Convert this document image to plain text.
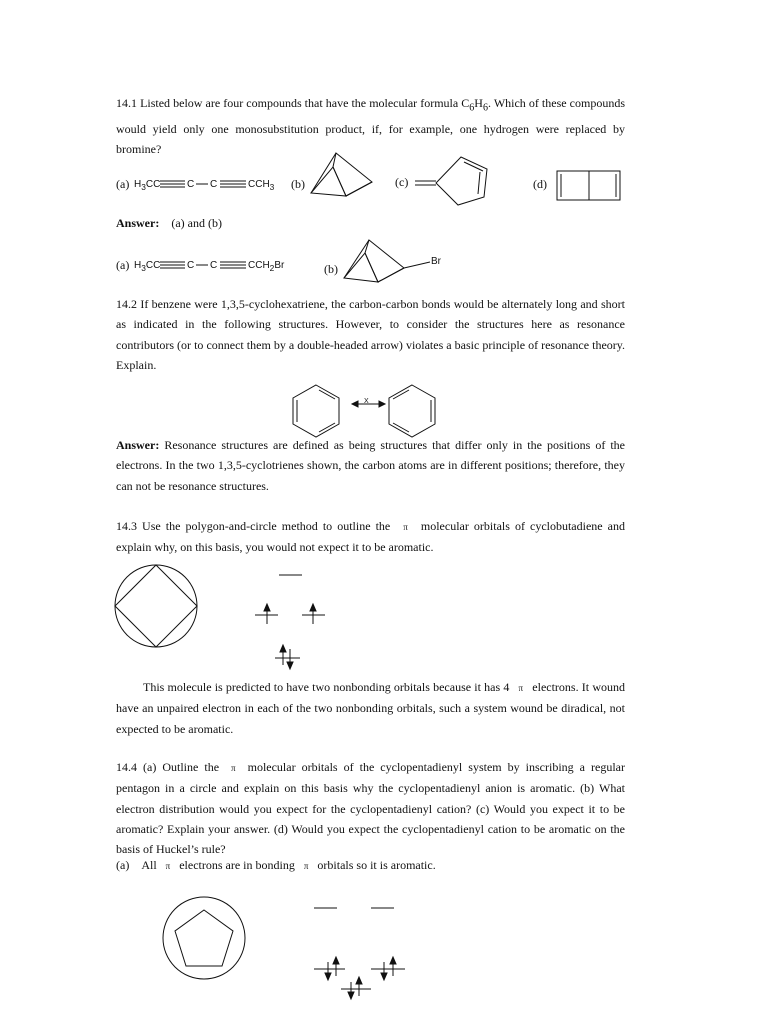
14.1 Listed below are four compounds that have the molecular formula $C_6H_6$. Which of these compounds would yield only one monosubstitution product, if, for example, one hydrogen were replaced by bromine?
(a) $H_3CC$	C C	$CCH_3$ (b)	(c)	(d)
Answer: (a) and (b)
(a) $H_3CC$	C C	$CCH_2Br$	(b)
Br
14.2 If benzene were 1,3,5-cyclohexatriene, the carbon-carbon bonds would be alternately long and short as indicated in the following structures. However, to consider the structures here as resonance contributors (or to connect them by a double-headed arrow) violates a basic principle of resonance theory. Explain.
X
Answer: Resonance structures are defined as being structures that differ only in the positions of the electrons. In the two 1,3,5-cyclotrienes shown, the carbon atoms are in different positions; therefore, they can not be resonance structures.
14.3 Use the polygon-and-circle method to outline the π molecular orbitals of cyclobutadiene and explain why, on this basis, you would not expect it to be aromatic.
This molecule is predicted to have two nonbonding orbitals because it has 4 π electrons. It wound have an unpaired electron in each of the two nonbonding orbitals, such a system wound be diradical, not expected to be aromatic.
14.4 (a) Outline the π molecular orbitals of the cyclopentadienyl system by inscribing a regular pentagon in a circle and explain on this basis why the cyclopentadienyl anion is aromatic. (b) What electron distribution would you expect for the cyclopentadienyl cation? (c) Would you expect it to be aromatic? Explain your answer. (d) Would you expect the cyclopentadienyl cation to be aromatic on the basis of Huckel’s rule?
(a) All π electrons are in bonding π orbitals so it is aromatic.
